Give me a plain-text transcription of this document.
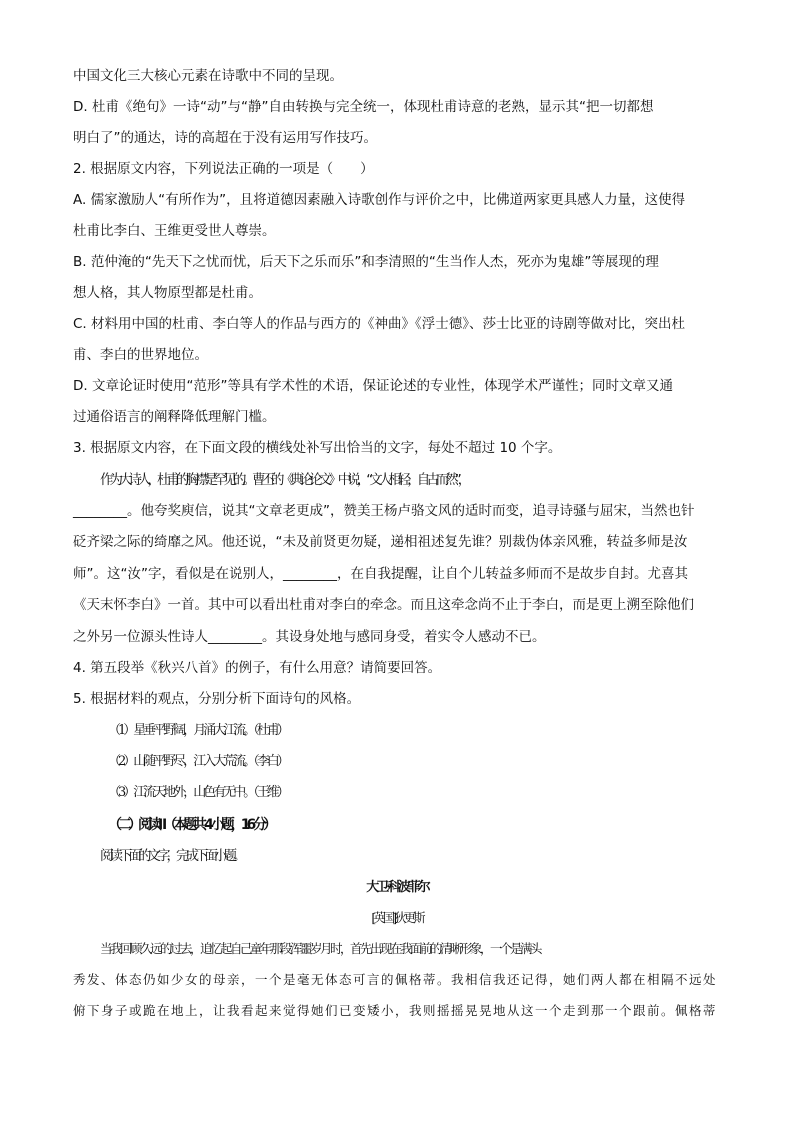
中国文化三大核心元素在诗歌中不同的呈现。
D. 杜甫《绝句》一诗“动”与“静”自由转换与完全统一，体现杜甫诗意的老熟，显示其“把一切都想
明白了”的通达，诗的高超在于没有运用写作技巧。
2. 根据原文内容，下列说法正确的一项是（　　）
A. 儒家激励人“有所作为”，且将道德因素融入诗歌创作与评价之中，比佛道两家更具感人力量，这使得
杜甫比李白、王维更受世人尊崇。
B. 范仲淹的“先天下之忧而忧，后天下之乐而乐”和李清照的“生当作人杰，死亦为鬼雄”等展现的理
想人格，其人物原型都是杜甫。
C. 材料用中国的杜甫、李白等人的作品与西方的《神曲》《浮士德》、莎士比亚的诗剧等做对比，突出杜
甫、李白的世界地位。
D. 文章论证时使用“范形”等具有学术性的术语，保证论述的专业性，体现学术严谨性；同时文章又通
过通俗语言的阐释降低理解门槛。
3. 根据原文内容，在下面文段的横线处补写出恰当的文字，每处不超过 10 个字。
作为大诗人，杜甫的胸襟是罕见的。曹丕的《典论·论文》中说，“文人相轻，自古而然”，
________。他夸奖庾信，说其“文章老更成”，赞美王杨卢骆文风的适时而变，追寻诗骚与屈宋，当然也针
砭齐梁之际的绮靡之风。他还说，“未及前贤更勿疑，递相祖述复先谁？别裁伪体亲风雅，转益多师是汝
师”。这“汝”字，看似是在说别人，________，在自我提醒，让自个儿转益多师而不是故步自封。尤喜其
《天末怀李白》一首。其中可以看出杜甫对李白的牵念。而且这牵念尚不止于李白，而是更上溯至除他们
之外另一位源头性诗人________。其设身处地与感同身受，着实令人感动不已。
4. 第五段举《秋兴八首》的例子，有什么用意？请简要回答。
5. 根据材料的观点，分别分析下面诗句的风格。
（1）星垂平野阔，月涌大江流。（杜甫）
（2）山随平野尽，江入大荒流。（李白）
（3）江流天地外，山色有无中。（王维）
（二）阅读Ⅱ（本题共 4 小题，16 分）
阅读下面的文字，完成下面小题。
大卫·科波菲尔
[英国]狄更斯
当我回顾久远的过去，追忆起自己童年那段浑噩岁月时，首先出现在我面前的清晰形象，一个是满头
秀发、体态仍如少女的母亲，一个是毫无体态可言的佩格蒂。我相信我还记得，她们两人都在相隔不远处
俯下身子或跪在地上，让我看起来觉得她们已变矮小，我则摇摇晃晃地从这一个走到那一个跟前。佩格蒂
